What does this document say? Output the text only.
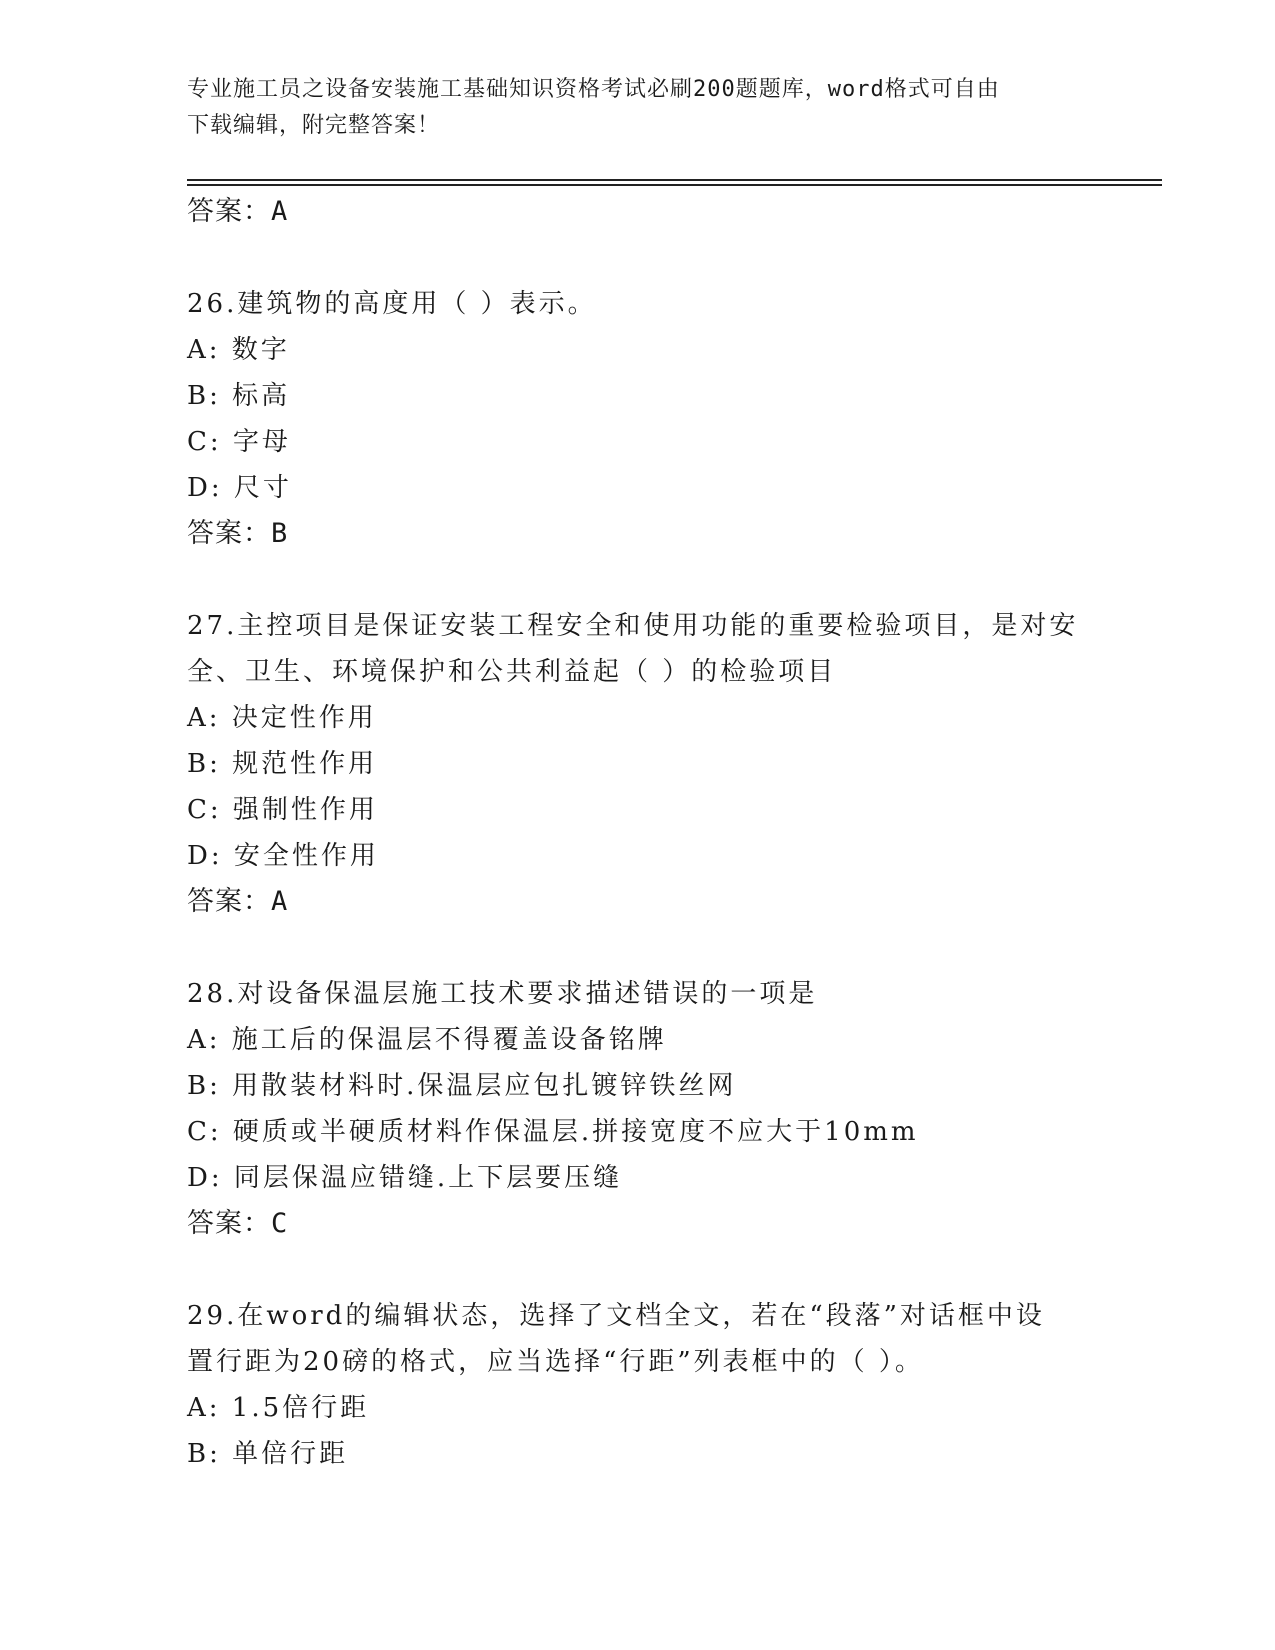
专业施工员之设备安装施工基础知识资格考试必刷200题题库，word格式可自由
下载编辑，附完整答案！
答案：A
26.建筑物的高度用（ ）表示。
A: 数字
B: 标高
C: 字母
D: 尺寸
答案：B
27.主控项目是保证安装工程安全和使用功能的重要检验项目，是对安
全、卫生、环境保护和公共利益起（ ）的检验项目
A: 决定性作用
B: 规范性作用
C: 强制性作用
D: 安全性作用
答案：A
28.对设备保温层施工技术要求描述错误的一项是
A: 施工后的保温层不得覆盖设备铭牌
B: 用散装材料时.保温层应包扎镀锌铁丝网
C: 硬质或半硬质材料作保温层.拼接宽度不应大于10mm
D: 同层保温应错缝.上下层要压缝
答案：C
29.在word的编辑状态，选择了文档全文，若在“段落”对话框中设
置行距为20磅的格式，应当选择“行距”列表框中的（ ）。
A: 1.5倍行距
B: 单倍行距
